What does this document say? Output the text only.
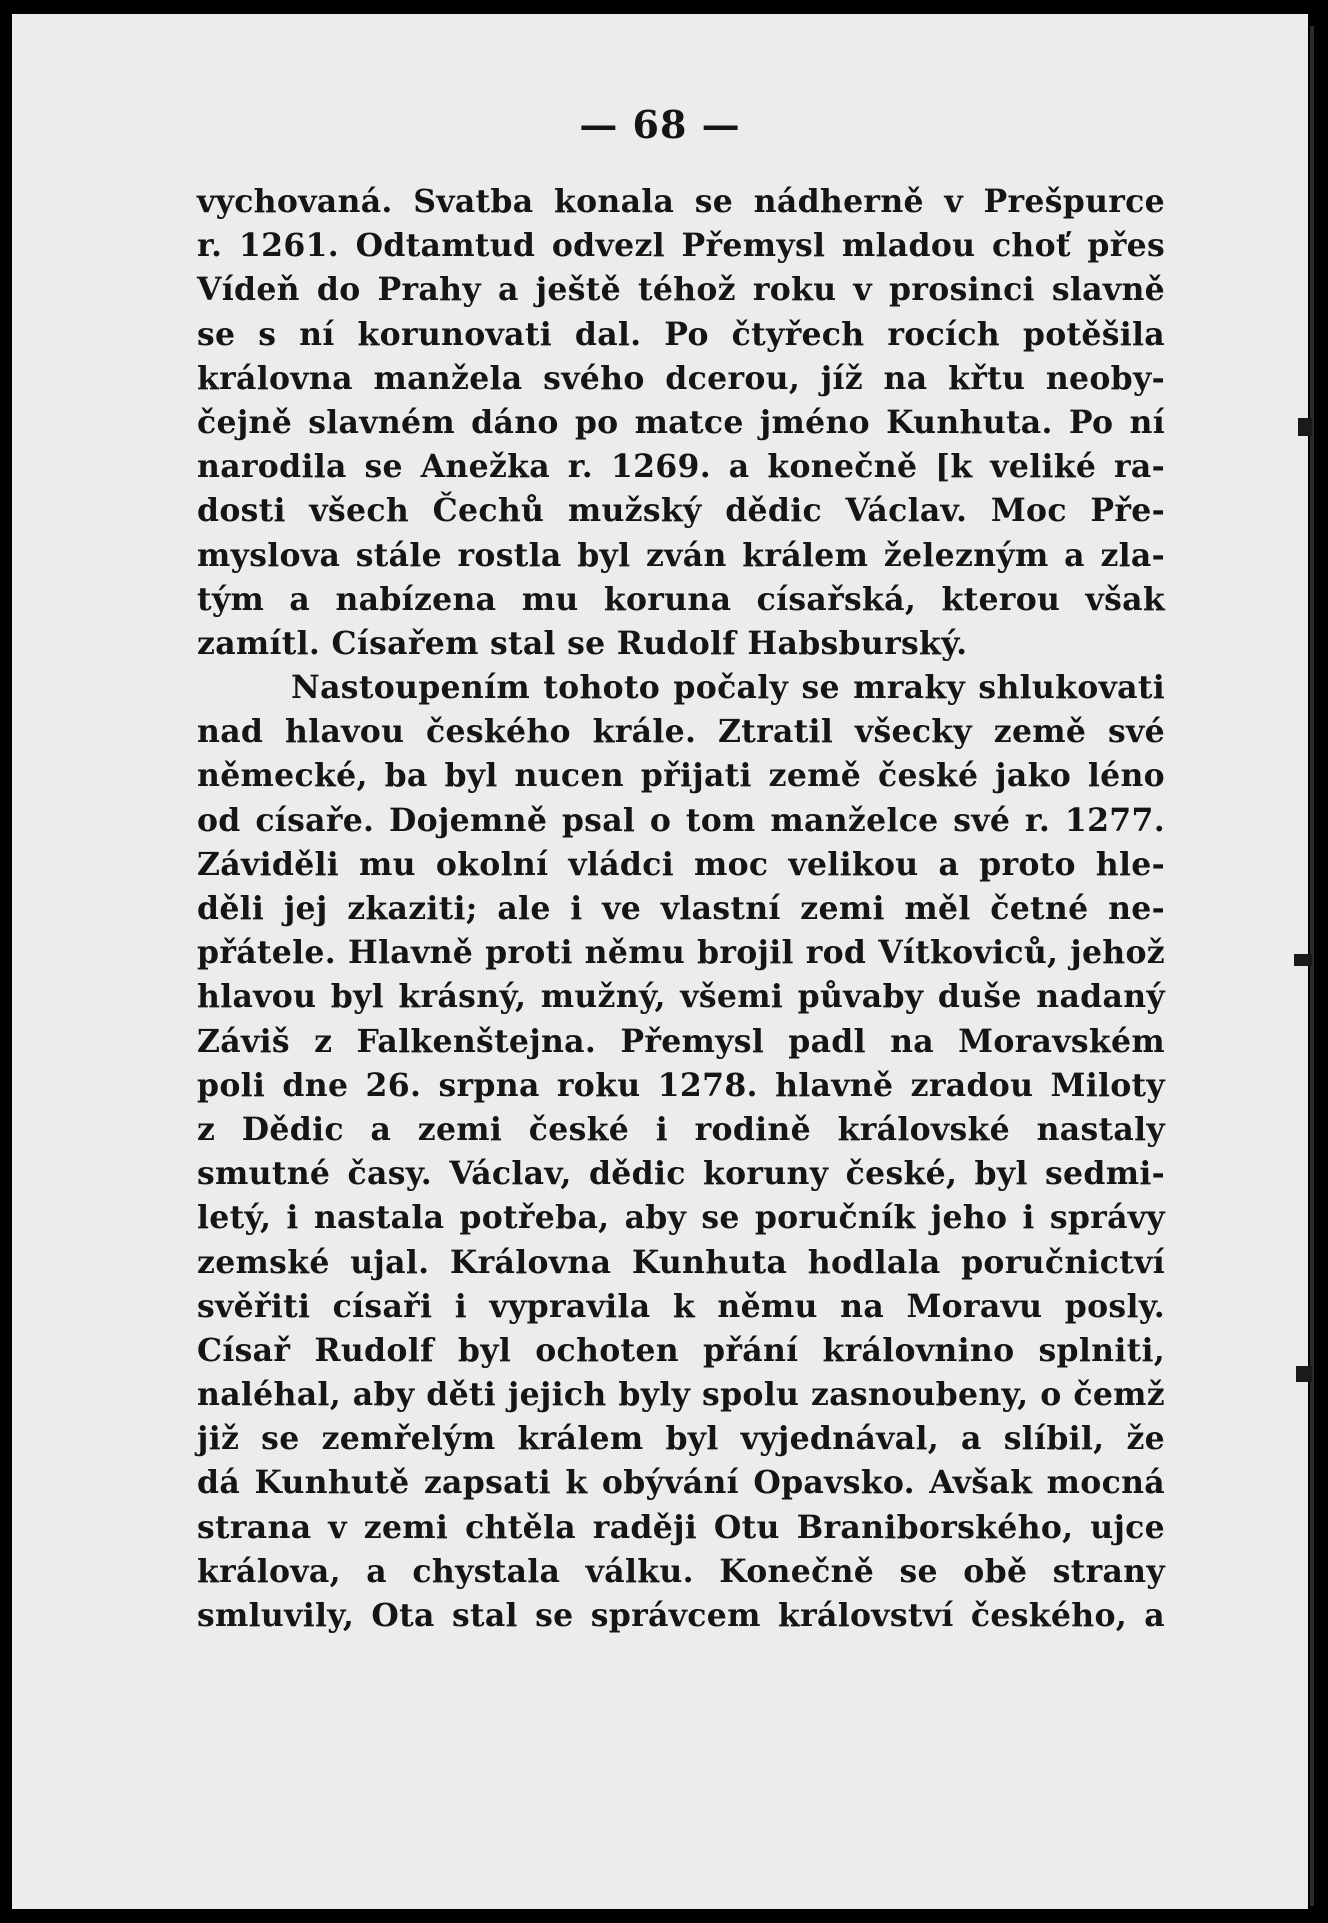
— 68 —
vychovaná. Svatba konala se nádherně v Prešpurce
r. 1261. Odtamtud odvezl Přemysl mladou choť přes
Vídeň do Prahy a ještě téhož roku v prosinci slavně
se s ní korunovati dal. Po čtyřech rocích potěšila
královna manžela svého dcerou, jíž na křtu neoby-
čejně slavném dáno po matce jméno Kunhuta. Po ní
narodila se Anežka r. 1269. a konečně [k veliké ra-
dosti všech Čechů mužský dědic Václav. Moc Pře-
myslova stále rostla byl zván králem železným a zla-
tým a nabízena mu koruna císařská, kterou však
zamítl. Císařem stal se Rudolf Habsburský.
Nastoupením tohoto počaly se mraky shlukovati
nad hlavou českého krále. Ztratil všecky země své
německé, ba byl nucen přijati země české jako léno
od císaře. Dojemně psal o tom manželce své r. 1277.
Záviděli mu okolní vládci moc velikou a proto hle-
děli jej zkaziti; ale i ve vlastní zemi měl četné ne-
přátele. Hlavně proti němu brojil rod Vítkoviců, jehož
hlavou byl krásný, mužný, všemi půvaby duše nadaný
Záviš z Falkenštejna. Přemysl padl na Moravském
poli dne 26. srpna roku 1278. hlavně zradou Miloty
z Dědic a zemi české i rodině královské nastaly
smutné časy. Václav, dědic koruny české, byl sedmi-
letý, i nastala potřeba, aby se poručník jeho i správy
zemské ujal. Královna Kunhuta hodlala poručnictví
svěřiti císaři i vypravila k němu na Moravu posly.
Císař Rudolf byl ochoten přání královnino splniti,
naléhal, aby děti jejich byly spolu zasnoubeny, o čemž
již se zemřelým králem byl vyjednával, a slíbil, že
dá Kunhutě zapsati k obývání Opavsko. Avšak mocná
strana v zemi chtěla raději Otu Braniborského, ujce
králova, a chystala válku. Konečně se obě strany
smluvily, Ota stal se správcem království českého, a
